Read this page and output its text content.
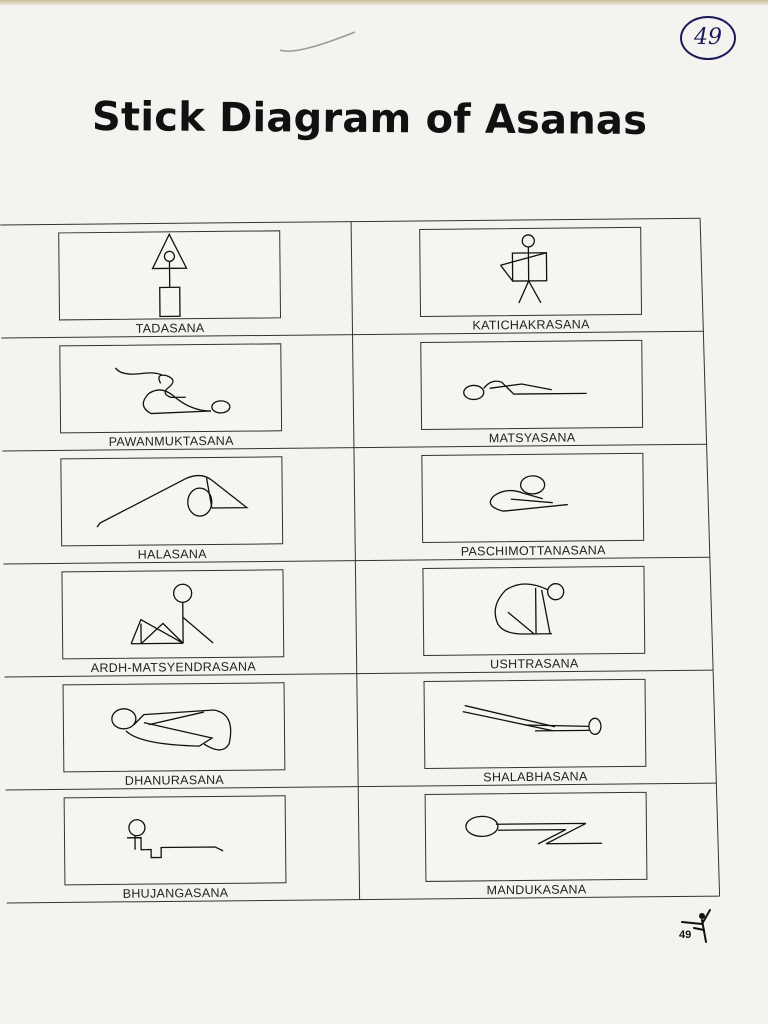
49
Stick Diagram of Asanas
TADASANA
PAWANMUKTASANA
HALASANA
ARDH-MATSYENDRASANA
DHANURASANA
BHUJANGASANA
KATICHAKRASANA
MATSYASANA
PASCHIMOTTANASANA
USHTRASANA
SHALABHASANA
MANDUKASANA
49
